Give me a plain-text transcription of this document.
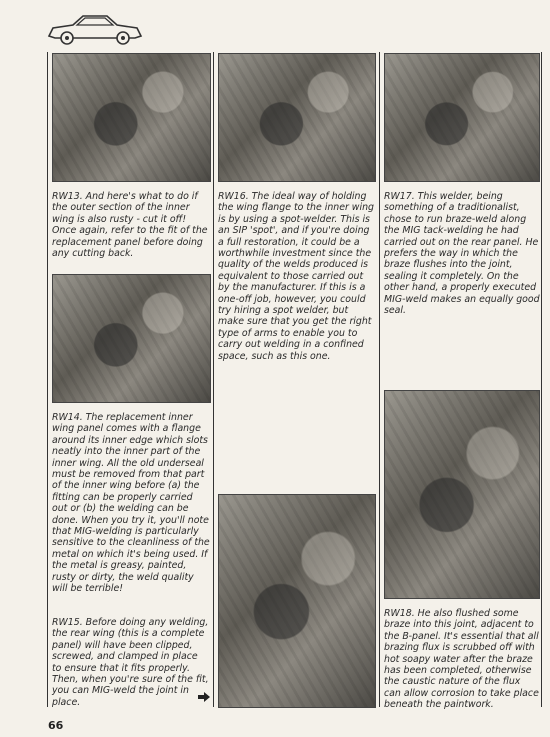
RW13. And here's what to do if the outer section of the inner wing is also rusty - cut it off! Once again, refer to the fit of the replacement panel before doing any cutting back.

RW16. The ideal way of holding the wing flange to the inner wing is by using a spot-welder. This is an SIP 'spot', and if you're doing a full restoration, it could be a worthwhile investment since the quality of the welds produced is equivalent to those carried out by the manufacturer. If this is a one-off job, however, you could try hiring a spot welder, but make sure that you get the right type of arms to enable you to carry out welding in a confined space, such as this one.

RW17. This welder, being something of a traditionalist, chose to run braze-weld along the MIG tack-welding he had carried out on the rear panel. He prefers the way in which the braze flushes into the joint, sealing it completely. On the other hand, a properly executed MIG-weld makes an equally good seal.

RW14. The replacement inner wing panel comes with a flange around its inner edge which slots neatly into the inner part of the inner wing. All the old underseal must be removed from that part of the inner wing before (a) the fitting can be properly carried out or (b) the welding can be done. When you try it, you'll note that MIG-welding is particularly sensitive to the cleanliness of the metal on which it's being used. If the metal is greasy, painted, rusty or dirty, the weld quality will be terrible!

RW15. Before doing any welding, the rear wing (this is a complete panel) will have been clipped, screwed, and clamped in place to ensure that it fits properly. Then, when you're sure of the fit, you can MIG-weld the joint in place.

RW18. He also flushed some braze into this joint, adjacent to the B-panel. It's essential that all brazing flux is scrubbed off with hot soapy water after the braze has been completed, otherwise the caustic nature of the flux can allow corrosion to take place beneath the paintwork.

66
